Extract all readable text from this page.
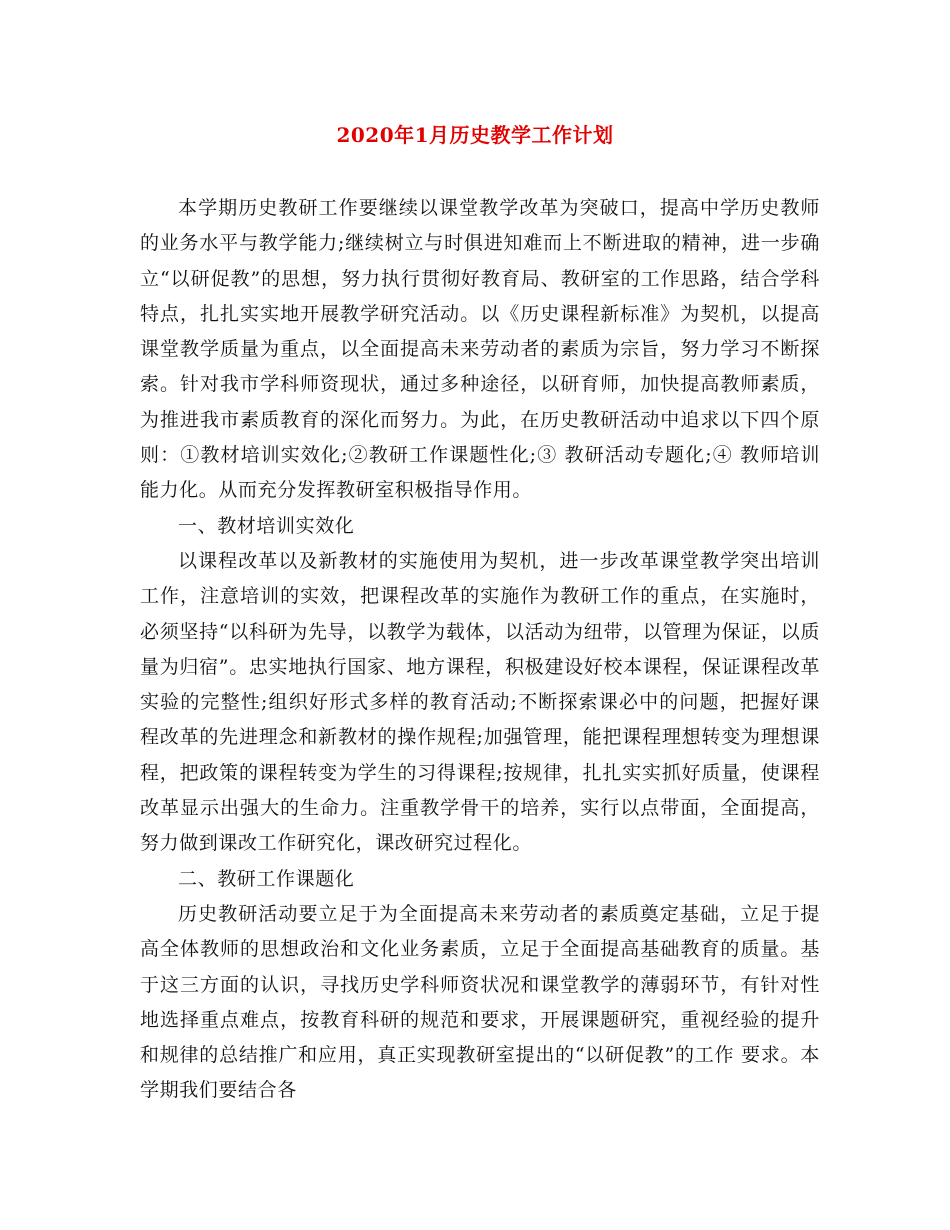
2020年1月历史教学工作计划

本学期历史教研工作要继续以课堂教学改革为突破口，提高中学历史教师的业务水平与教学能力;继续树立与时俱进知难而上不断进取的精神，进一步确立“以研促教”的思想，努力执行贯彻好教育局、教研室的工作思路，结合学科特点，扎扎实实地开展教学研究活动。以《历史课程新标准》为契机，以提高课堂教学质量为重点，以全面提高未来劳动者的素质为宗旨，努力学习不断探索。针对我市学科师资现状，通过多种途径，以研育师，加快提高教师素质，为推进我市素质教育的深化而努力。为此，在历史教研活动中追求以下四个原则：①教材培训实效化;②教研工作课题性化;③ 教研活动专题化;④ 教师培训能力化。从而充分发挥教研室积极指导作用。

一、教材培训实效化

以课程改革以及新教材的实施使用为契机，进一步改革课堂教学突出培训工作，注意培训的实效，把课程改革的实施作为教研工作的重点，在实施时，必须坚持“以科研为先导，以教学为载体，以活动为纽带，以管理为保证，以质量为归宿”。忠实地执行国家、地方课程，积极建设好校本课程，保证课程改革实验的完整性;组织好形式多样的教育活动;不断探索课必中的问题，把握好课程改革的先进理念和新教材的操作规程;加强管理，能把课程理想转变为理想课程，把政策的课程转变为学生的习得课程;按规律，扎扎实实抓好质量，使课程改革显示出强大的生命力。注重教学骨干的培养，实行以点带面，全面提高，努力做到课改工作研究化，课改研究过程化。

二、教研工作课题化

历史教研活动要立足于为全面提高未来劳动者的素质奠定基础，立足于提高全体教师的思想政治和文化业务素质，立足于全面提高基础教育的质量。基于这三方面的认识，寻找历史学科师资状况和课堂教学的薄弱环节，有针对性地选择重点难点，按教育科研的规范和要求，开展课题研究，重视经验的提升和规律的总结推广和应用，真正实现教研室提出的“以研促教”的工作 要求。本学期我们要结合各
